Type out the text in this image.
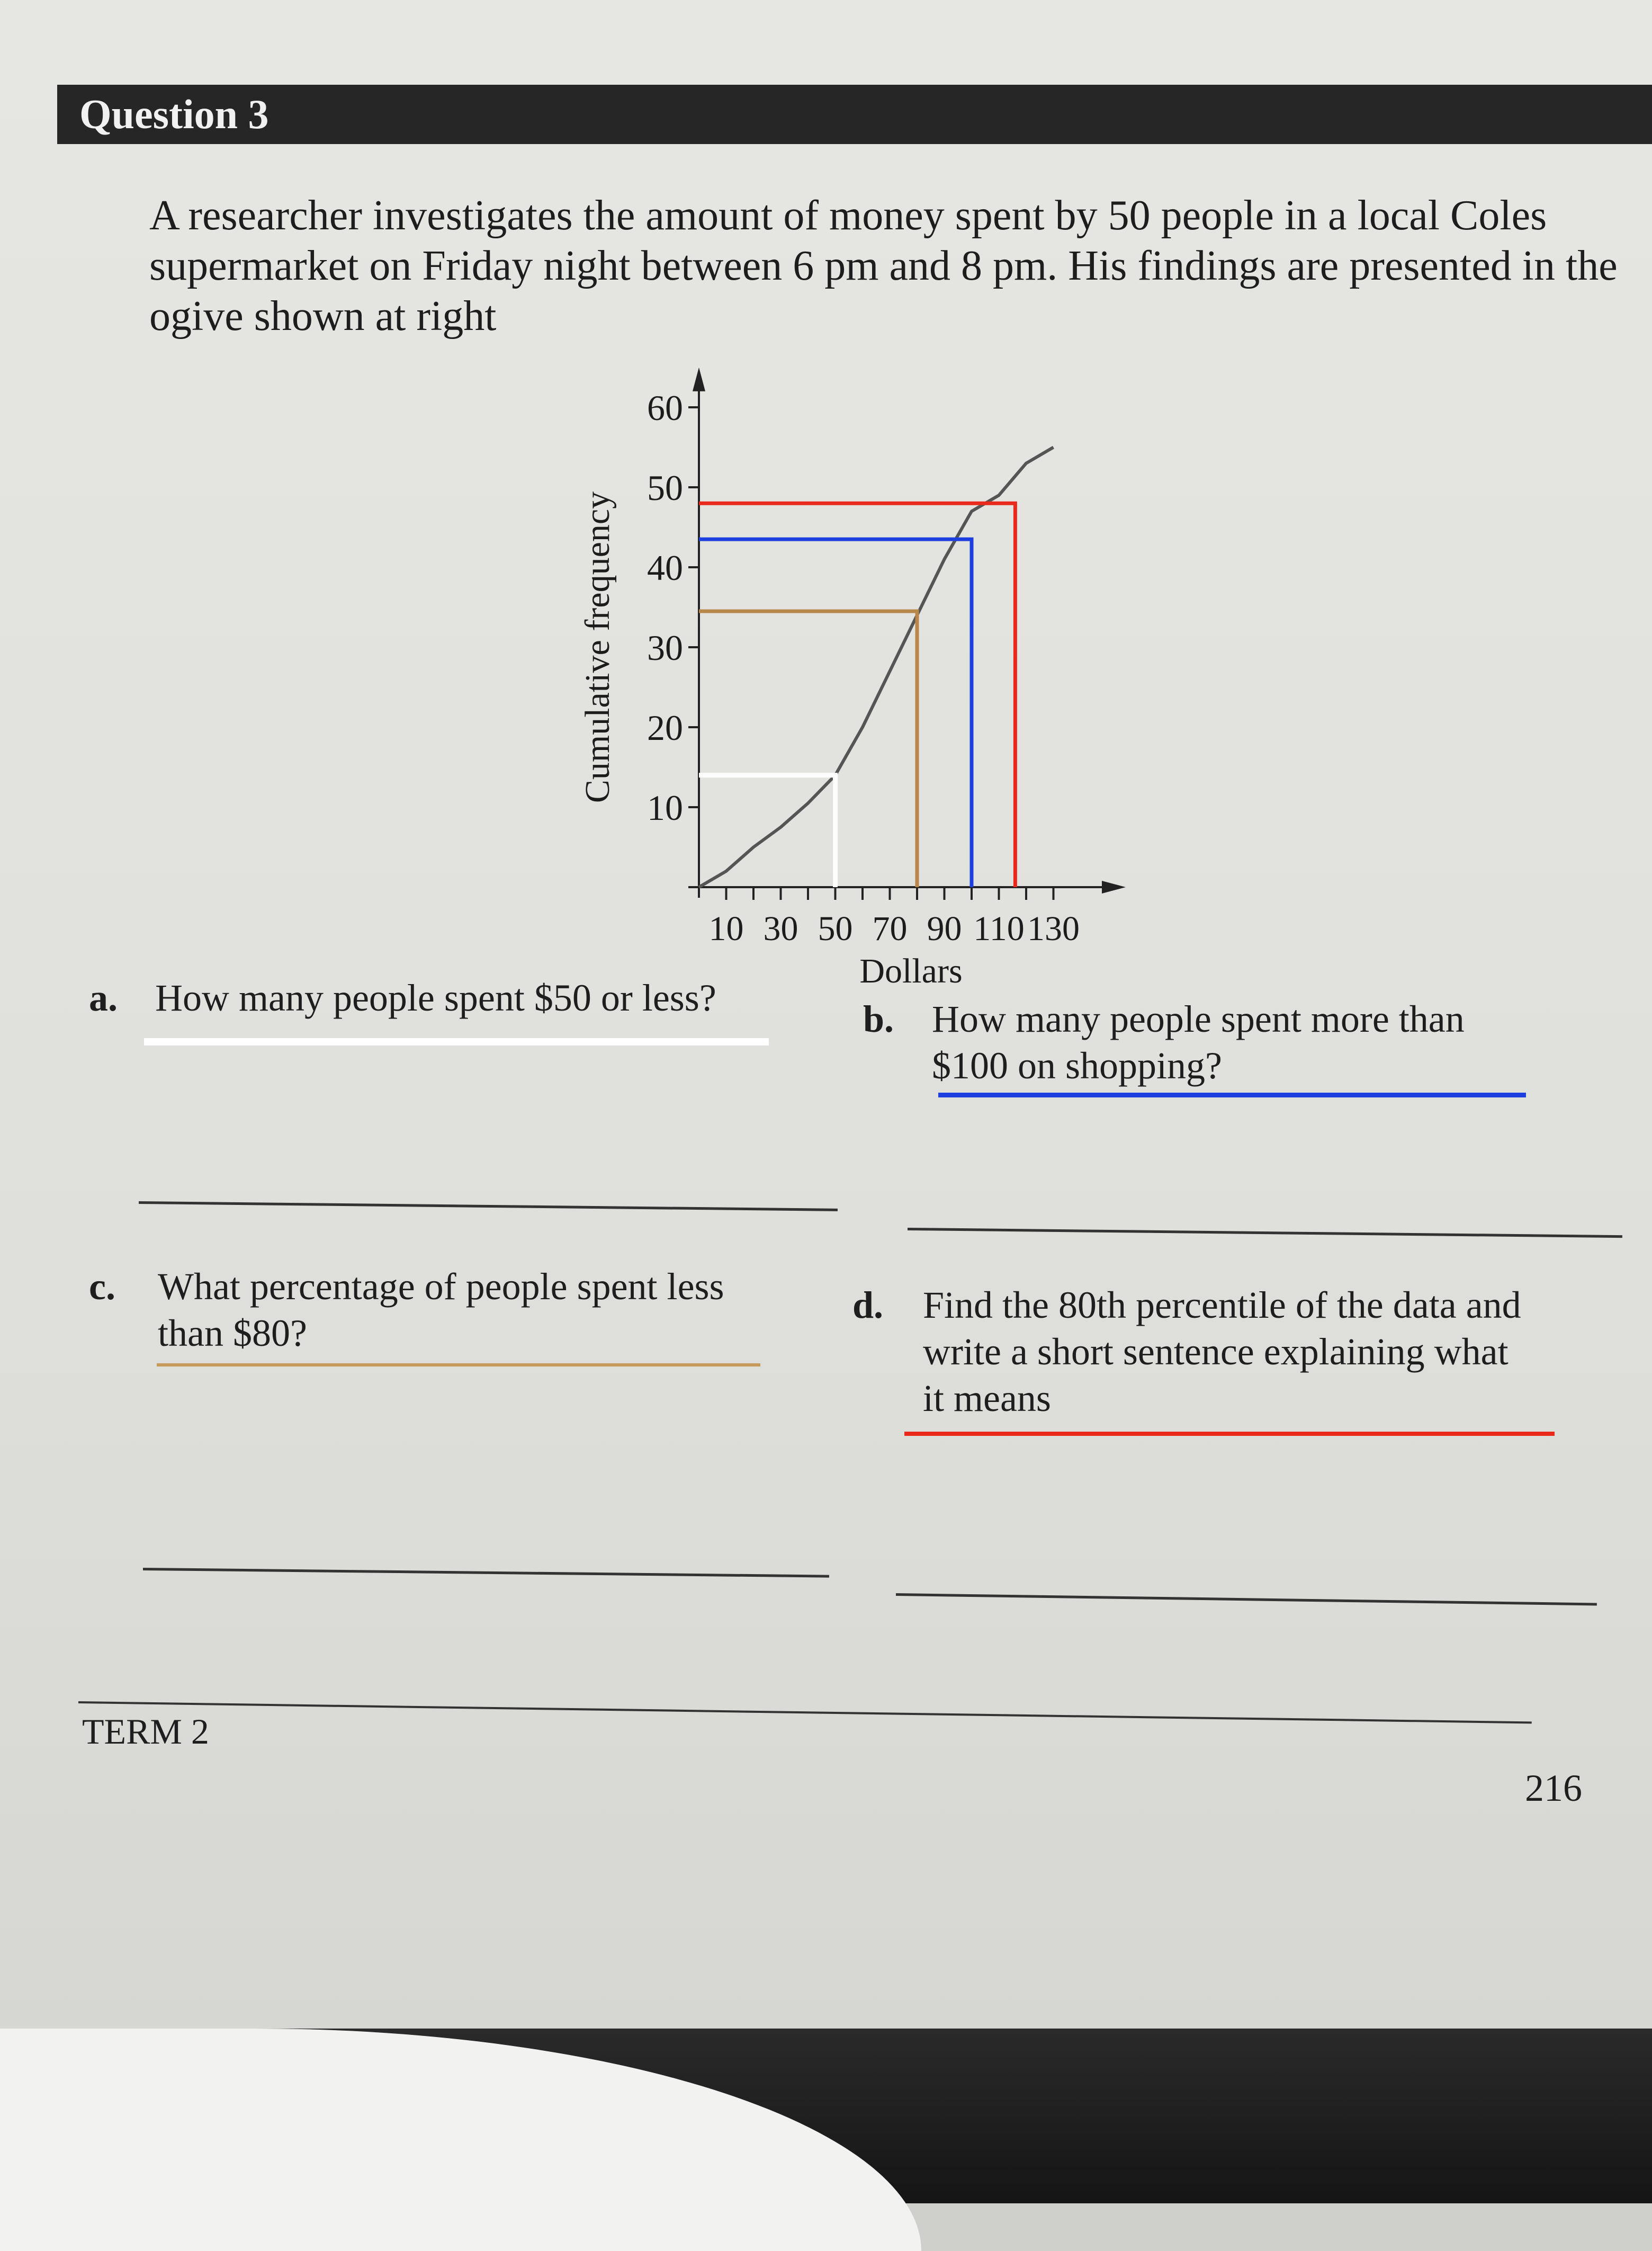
Question 3
A researcher investigates the amount of money spent by 50 people in a local Coles
supermarket on Friday night between 6 pm and 8 pm. His findings are presented in the
ogive shown at right
10
20
30
40
50
60
10 30 50 70 90 110 130
Cumulative frequency
Dollars
a. How many people spent $50 or less?	b. How many people spent more than
$100 on shopping?
c. What percentage of people spent less
than $80?
d. Find the 80th percentile of the data and
write a short sentence explaining what
it means
TERM 2
216
